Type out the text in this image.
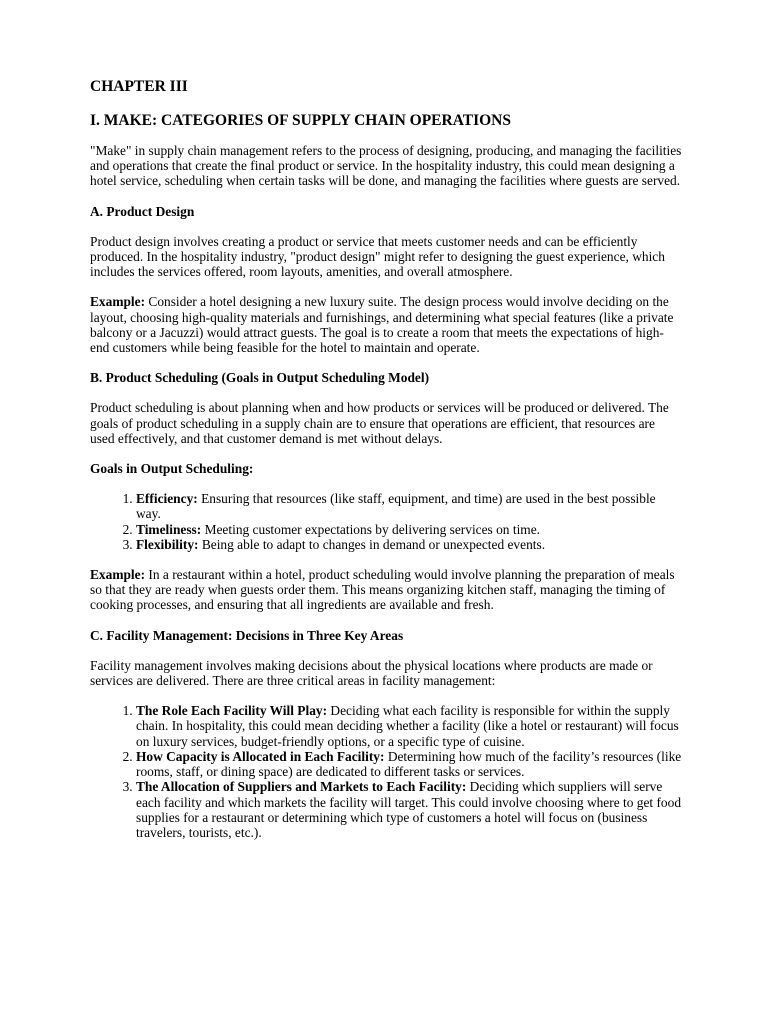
CHAPTER III
I. MAKE: CATEGORIES OF SUPPLY CHAIN OPERATIONS

"Make" in supply chain management refers to the process of designing, producing, and managing the facilities and operations that create the final product or service. In the hospitality industry, this could mean designing a hotel service, scheduling when certain tasks will be done, and managing the facilities where guests are served.

A. Product Design

Product design involves creating a product or service that meets customer needs and can be efficiently produced. In the hospitality industry, "product design" might refer to designing the guest experience, which includes the services offered, room layouts, amenities, and overall atmosphere.

Example: Consider a hotel designing a new luxury suite. The design process would involve deciding on the layout, choosing high-quality materials and furnishings, and determining what special features (like a private balcony or a Jacuzzi) would attract guests. The goal is to create a room that meets the expectations of high-end customers while being feasible for the hotel to maintain and operate.

B. Product Scheduling (Goals in Output Scheduling Model)

Product scheduling is about planning when and how products or services will be produced or delivered. The goals of product scheduling in a supply chain are to ensure that operations are efficient, that resources are used effectively, and that customer demand is met without delays.

Goals in Output Scheduling:
1. Efficiency: Ensuring that resources (like staff, equipment, and time) are used in the best possible way.
2. Timeliness: Meeting customer expectations by delivering services on time.
3. Flexibility: Being able to adapt to changes in demand or unexpected events.

Example: In a restaurant within a hotel, product scheduling would involve planning the preparation of meals so that they are ready when guests order them. This means organizing kitchen staff, managing the timing of cooking processes, and ensuring that all ingredients are available and fresh.

C. Facility Management: Decisions in Three Key Areas

Facility management involves making decisions about the physical locations where products are made or services are delivered. There are three critical areas in facility management:

1. The Role Each Facility Will Play: Deciding what each facility is responsible for within the supply chain. In hospitality, this could mean deciding whether a facility (like a hotel or restaurant) will focus on luxury services, budget-friendly options, or a specific type of cuisine.
2. How Capacity is Allocated in Each Facility: Determining how much of the facility’s resources (like rooms, staff, or dining space) are dedicated to different tasks or services.
3. The Allocation of Suppliers and Markets to Each Facility: Deciding which suppliers will serve each facility and which markets the facility will target. This could involve choosing where to get food supplies for a restaurant or determining which type of customers a hotel will focus on (business travelers, tourists, etc.).
